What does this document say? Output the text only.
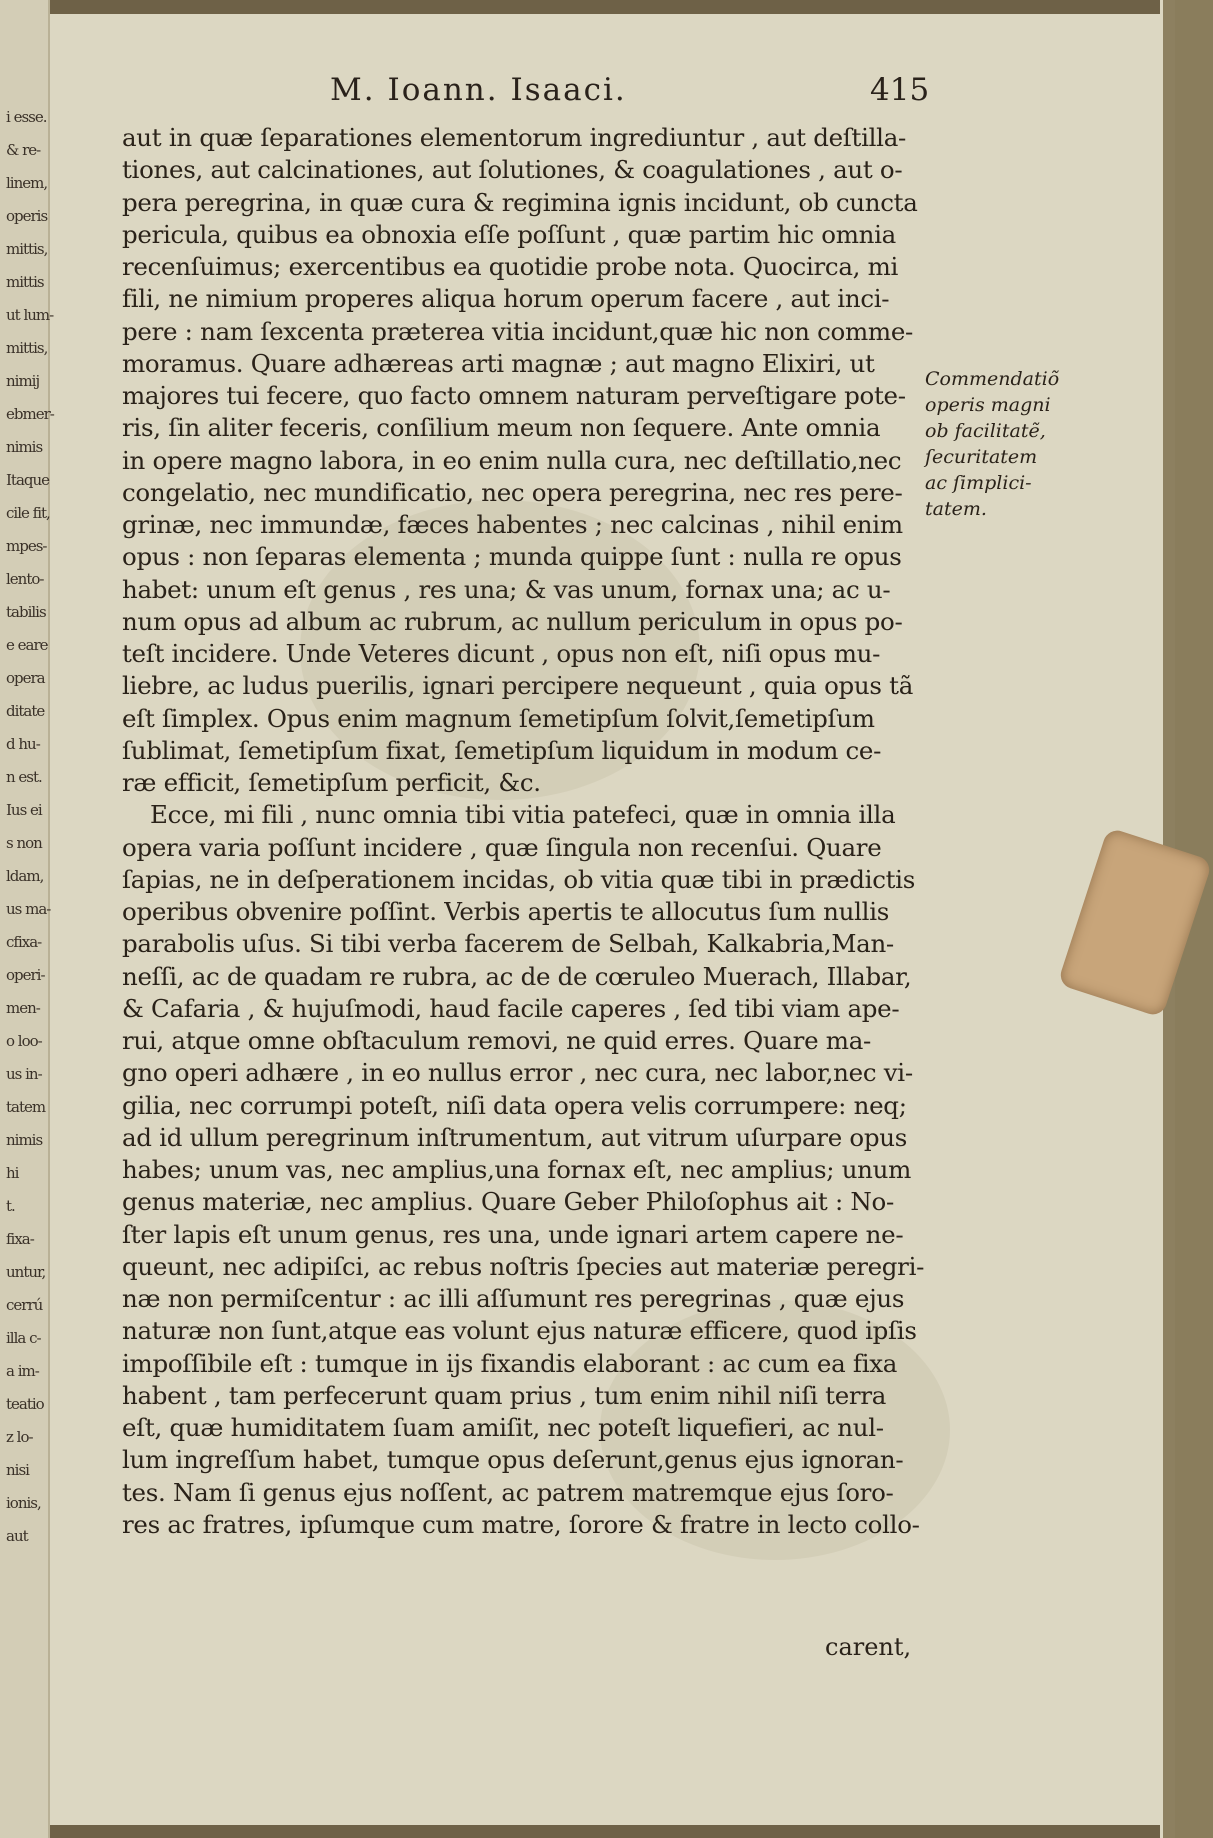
i esse.
& re-
linem,
operis
mittis,
mittis
ut lum-
mittis,
nimij
ebmer-
nimis
Itaque
cile fit,
mpes-
lento-
tabilis
e eare
opera
ditate
d hu-
n est.
Ius ei
s non
ldam,
us ma-
cfixa-
operi-
men-
o loo-
us in-
tatem
nimis
hi
t.
fixa-
untur,
cerrú
illa c-
a im-
teatio
z lo-
nisi
ionis,
aut
M. Ioann. Isaaci.	415
aut in quæ ſeparationes elementorum ingrediuntur , aut deſtilla-
tiones, aut calcinationes, aut ſolutiones, & coagulationes , aut o-
pera peregrina, in quæ cura & regimina ignis incidunt, ob cuncta
pericula, quibus ea obnoxia eſſe poſſunt , quæ partim hic omnia
recenſuimus; exercentibus ea quotidie probe nota. Quocirca, mi
fili, ne nimium properes aliqua horum operum facere , aut inci-
pere : nam ſexcenta præterea vitia incidunt,quæ hic non comme-
moramus. Quare adhæreas arti magnæ ; aut magno Elixiri, ut
majores tui fecere, quo facto omnem naturam perveſtigare pote-
ris, ſin aliter feceris, conſilium meum non ſequere. Ante omnia
in opere magno labora, in eo enim nulla cura, nec deſtillatio,nec
congelatio, nec mundificatio, nec opera peregrina, nec res pere-
grinæ, nec immundæ, fæces habentes ; nec calcinas , nihil enim
opus : non ſeparas elementa ; munda quippe ſunt : nulla re opus
habet: unum eſt genus , res una; & vas unum, fornax una; ac u-
num opus ad album ac rubrum, ac nullum periculum in opus po-
teſt incidere. Unde Veteres dicunt , opus non eſt, niſi opus mu-
liebre, ac ludus puerilis, ignari percipere nequeunt , quia opus tã
eſt ſimplex. Opus enim magnum ſemetipſum ſolvit,ſemetipſum
ſublimat, ſemetipſum fixat, ſemetipſum liquidum in modum ce-
ræ efficit, ſemetipſum perficit, &c.
Ecce, mi fili , nunc omnia tibi vitia patefeci, quæ in omnia illa
opera varia poſſunt incidere , quæ ſingula non recenſui. Quare
ſapias, ne in deſperationem incidas, ob vitia quæ tibi in prædictis
operibus obvenire poſſint. Verbis apertis te allocutus ſum nullis
parabolis uſus. Si tibi verba facerem de Selbah, Kalkabria,Man-
neſſi, ac de quadam re rubra, ac de de cœruleo Muerach, Illabar,
& Cafaria , & hujuſmodi, haud facile caperes , ſed tibi viam ape-
rui, atque omne obſtaculum removi, ne quid erres. Quare ma-
gno operi adhære , in eo nullus error , nec cura, nec labor,nec vi-
gilia, nec corrumpi poteſt, niſi data opera velis corrumpere: neq;
ad id ullum peregrinum inſtrumentum, aut vitrum uſurpare opus
habes; unum vas, nec amplius,una fornax eſt, nec amplius; unum
genus materiæ, nec amplius. Quare Geber Philoſophus ait : No-
ſter lapis eſt unum genus, res una, unde ignari artem capere ne-
queunt, nec adipiſci, ac rebus noſtris ſpecies aut materiæ peregri-
næ non permiſcentur : ac illi aſſumunt res peregrinas , quæ ejus
naturæ non ſunt,atque eas volunt ejus naturæ efficere, quod ipſis
impoſſibile eſt : tumque in ijs fixandis elaborant : ac cum ea fixa
habent , tam perfecerunt quam prius , tum enim nihil niſi terra
eſt, quæ humiditatem ſuam amiſit, nec poteſt liquefieri, ac nul-
lum ingreſſum habet, tumque opus deſerunt,genus ejus ignoran-
tes. Nam ſi genus ejus noſſent, ac patrem matremque ejus ſoro-
res ac fratres, ipſumque cum matre, ſorore & fratre in lecto collo-
carent,
Commendatiõ
operis magni
ob facilitatẽ,
ſecuritatem
ac ſimplici-
tatem.
